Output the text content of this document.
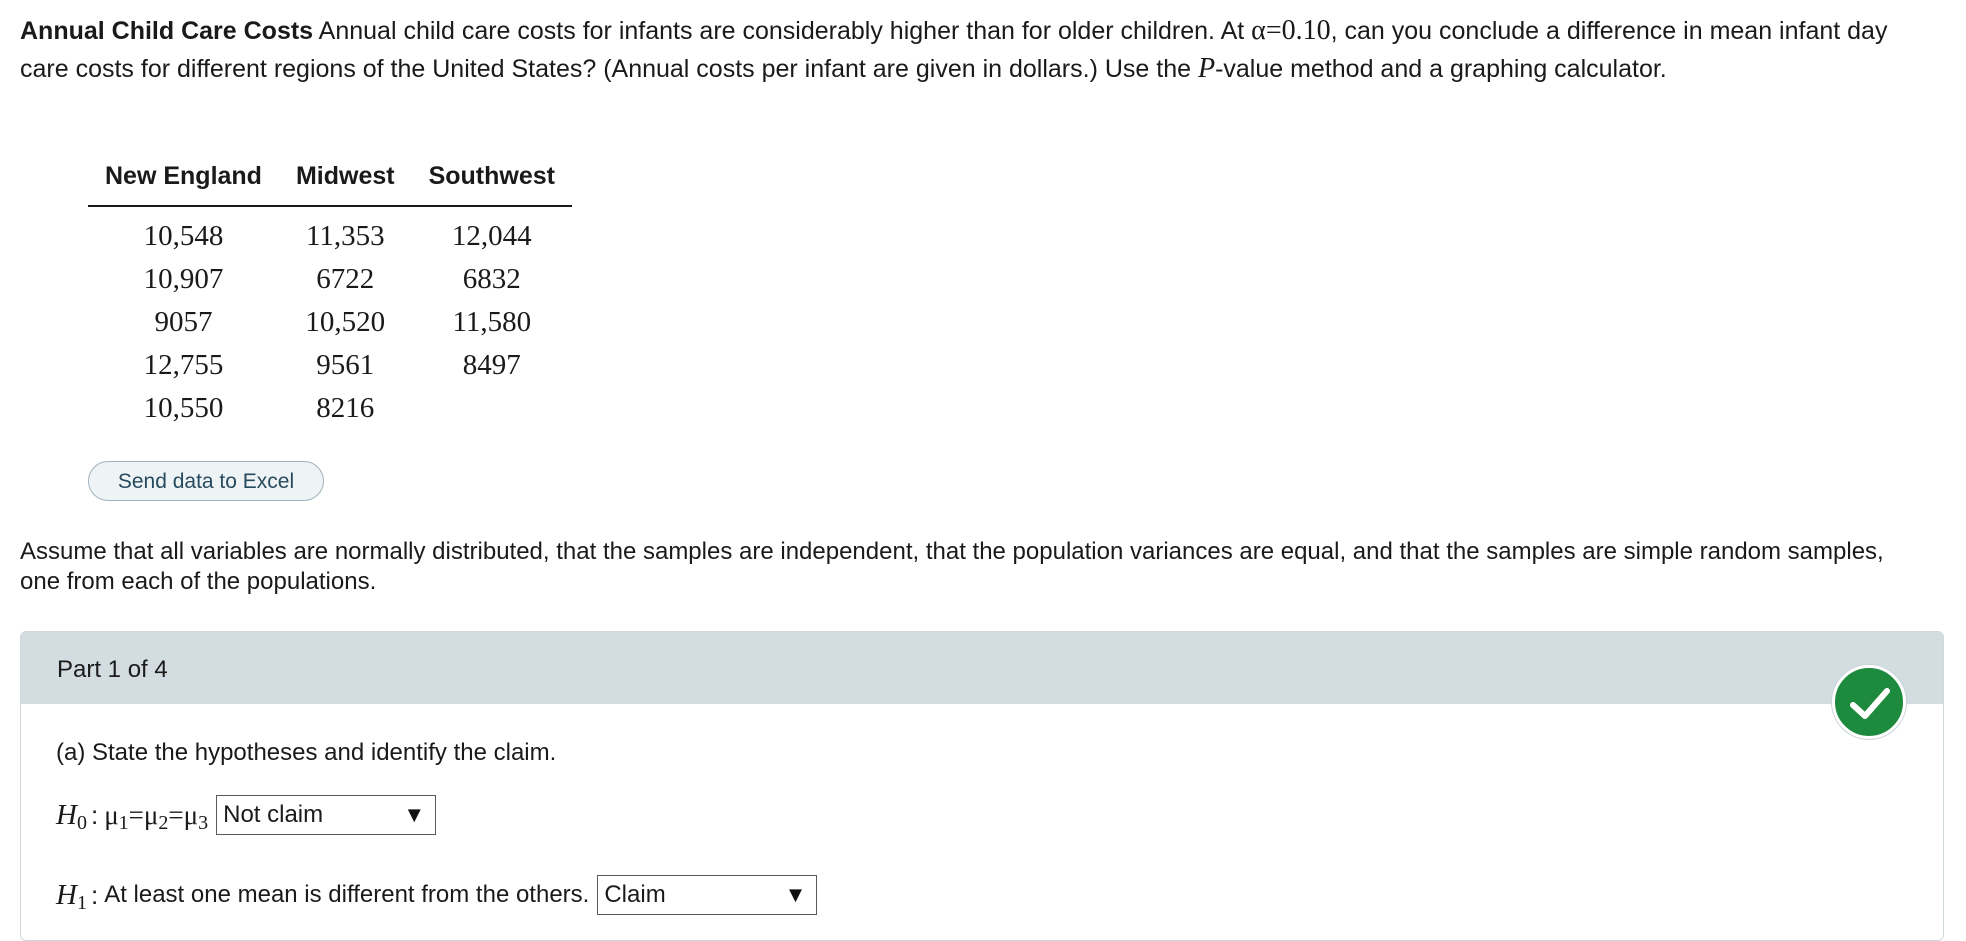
Annual Child Care Costs Annual child care costs for infants are considerably higher than for older children. At α=0.10, can you conclude a difference in mean infant day care costs for different regions of the United States? (Annual costs per infant are given in dollars.) Use the P-value method and a graphing calculator.
New England	Midwest	Southwest
10,548	11,353	12,044
10,907	6722	6832
9057	10,520	11,580
12,755	9561	8497
10,550	8216	
Send data to Excel
Assume that all variables are normally distributed, that the samples are independent, that the population variances are equal, and that the samples are simple random samples, one from each of the populations.
Part 1 of 4
(a) State the hypotheses and identify the claim.
H 0 : μ 1 = μ 2 = μ 3 Not claim	▼
H 1 : At least one mean is different from the others. Claim	▼
